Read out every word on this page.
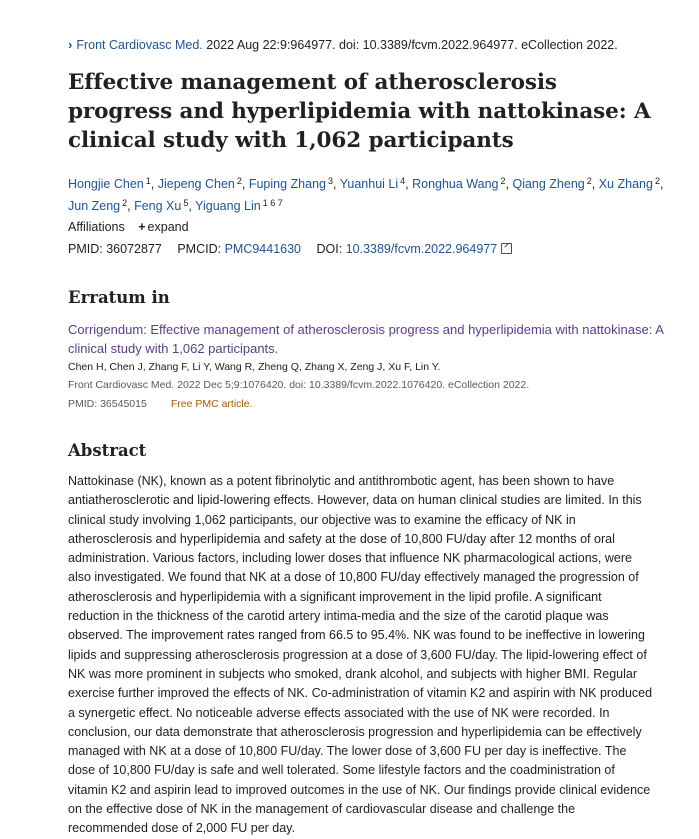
› Front Cardiovasc Med. 2022 Aug 22:9:964977. doi: 10.3389/fcvm.2022.964977. eCollection 2022.
Effective management of atherosclerosis progress and hyperlipidemia with nattokinase: A clinical study with 1,062 participants
Hongjie Chen $^1$, Jiepeng Chen $^2$, Fuping Zhang $^3$, Yuanhui Li $^4$, Ronghua Wang $^2$, Qiang Zheng $^2$, Xu Zhang $^2$, Jun Zeng $^2$, Feng Xu $^5$, Yiguang Lin $^{1 6 7}$
Affiliations + expand
PMID: 36072877 PMCID: PMC9441630 DOI: 10.3389/fcvm.2022.964977
Erratum in
Corrigendum: Effective management of atherosclerosis progress and hyperlipidemia with nattokinase: A clinical study with 1,062 participants.
Chen H, Chen J, Zhang F, Li Y, Wang R, Zheng Q, Zhang X, Zeng J, Xu F, Lin Y.
Front Cardiovasc Med. 2022 Dec 5;9:1076420. doi: 10.3389/fcvm.2022.1076420. eCollection 2022.
PMID: 36545015 Free PMC article.
Abstract

Nattokinase (NK), known as a potent fibrinolytic and antithrombotic agent, has been shown to have antiatherosclerotic and lipid-lowering effects. However, data on human clinical studies are limited. In this clinical study involving 1,062 participants, our objective was to examine the efficacy of NK in atherosclerosis and hyperlipidemia and safety at the dose of 10,800 FU/day after 12 months of oral administration. Various factors, including lower doses that influence NK pharmacological actions, were also investigated. We found that NK at a dose of 10,800 FU/day effectively managed the progression of atherosclerosis and hyperlipidemia with a significant improvement in the lipid profile. A significant reduction in the thickness of the carotid artery intima-media and the size of the carotid plaque was observed. The improvement rates ranged from 66.5 to 95.4%. NK was found to be ineffective in lowering lipids and suppressing atherosclerosis progression at a dose of 3,600 FU/day. The lipid-lowering effect of NK was more prominent in subjects who smoked, drank alcohol, and subjects with higher BMI. Regular exercise further improved the effects of NK. Co-administration of vitamin K2 and aspirin with NK produced a synergetic effect. No noticeable adverse effects associated with the use of NK were recorded. In conclusion, our data demonstrate that atherosclerosis progression and hyperlipidemia can be effectively managed with NK at a dose of 10,800 FU/day. The lower dose of 3,600 FU per day is ineffective. The dose of 10,800 FU/day is safe and well tolerated. Some lifestyle factors and the coadministration of vitamin K2 and aspirin lead to improved outcomes in the use of NK. Our findings provide clinical evidence on the effective dose of NK in the management of cardiovascular disease and challenge the recommended dose of 2,000 FU per day.
